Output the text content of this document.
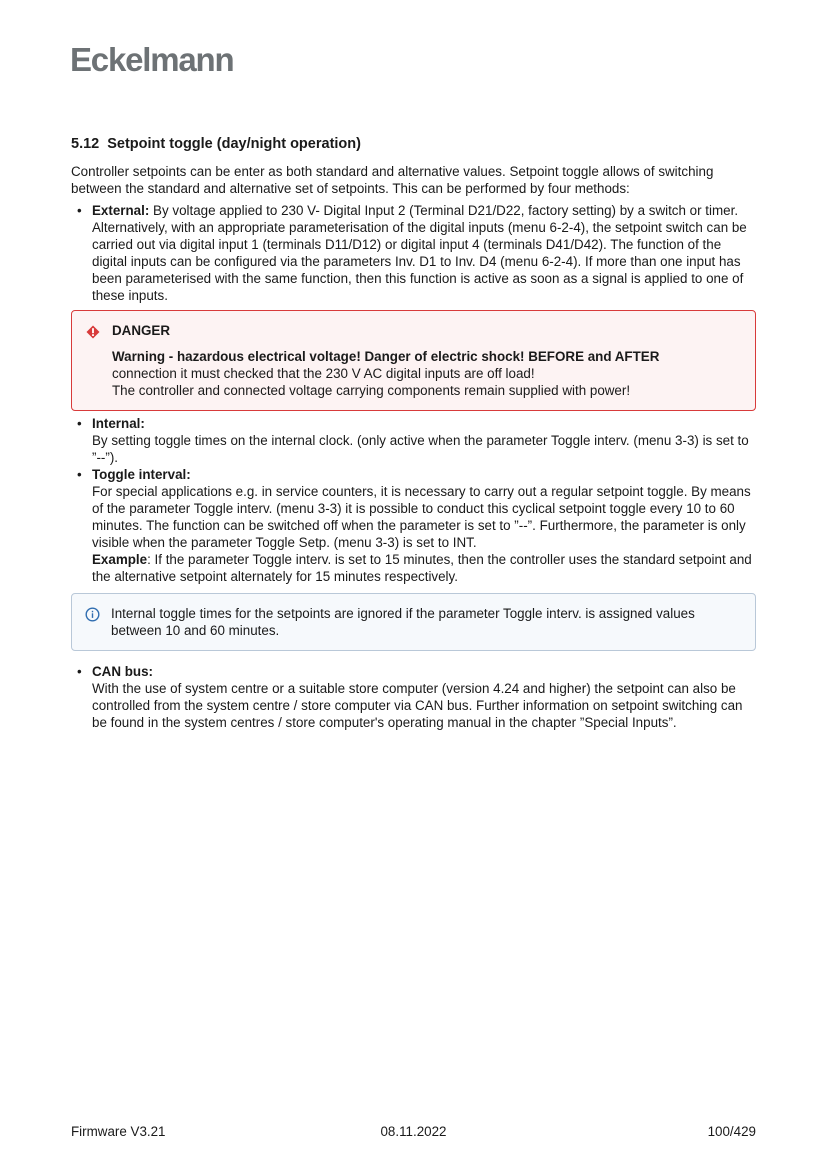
Eckelmann
5.12 Setpoint toggle (day/night operation)

Controller setpoints can be enter as both standard and alternative values. Setpoint toggle allows of switching between the standard and alternative set of setpoints. This can be performed by four methods:

• External: By voltage applied to 230 V- Digital Input 2 (Terminal D21/D22, factory setting) by a switch or timer. Alternatively, with an appropriate parameterisation of the digital inputs (menu 6-2-4), the setpoint switch can be carried out via digital input 1 (terminals D11/D12) or digital input 4 (terminals D41/D42). The function of the digital inputs can be configured via the parameters Inv. D1 to Inv. D4 (menu 6-2-4). If more than one input has been parameterised with the same function, then this function is active as soon as a signal is applied to one of these inputs.
DANGER

Warning - hazardous electrical voltage! Danger of electric shock! BEFORE and AFTER

connection it must checked that the 230 V AC digital inputs are off load!

The controller and connected voltage carrying components remain supplied with power!

• Internal:
By setting toggle times on the internal clock. (only active when the parameter Toggle interv. (menu 3-3) is set to ”--”).
• Toggle interval:
For special applications e.g. in service counters, it is necessary to carry out a regular setpoint toggle. By means of the parameter Toggle interv. (menu 3-3) it is possible to conduct this cyclical setpoint toggle every 10 to 60 minutes. The function can be switched off when the parameter is set to ”--”. Furthermore, the parameter is only visible when the parameter Toggle Setp. (menu 3-3) is set to INT.
Example: If the parameter Toggle interv. is set to 15 minutes, then the controller uses the standard setpoint and the alternative setpoint alternately for 15 minutes respectively.

Internal toggle times for the setpoints are ignored if the parameter Toggle interv. is assigned values between 10 and 60 minutes.

• CAN bus:
With the use of system centre or a suitable store computer (version 4.24 and higher) the setpoint can also be controlled from the system centre / store computer via CAN bus. Further information on setpoint switching can be found in the system centres / store computer's operating manual in the chapter ”Special Inputs”.
Firmware V3.21	08.11.2022	100/429
